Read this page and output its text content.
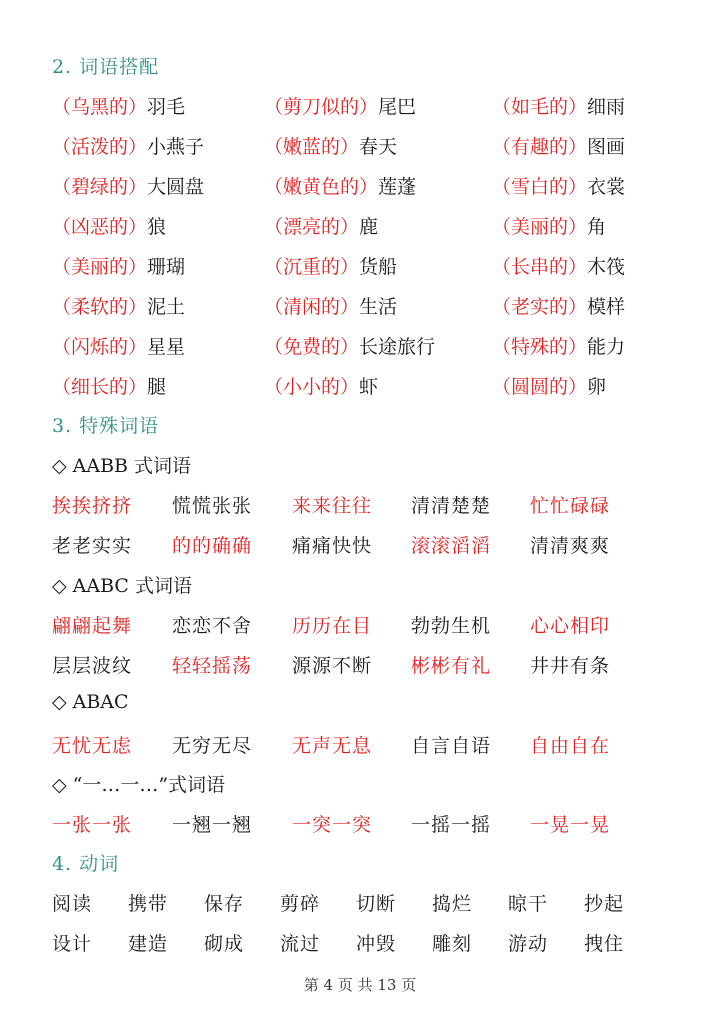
2. 词语搭配
（乌黑的）羽毛	（剪刀似的）尾巴	（如毛的）细雨
（活泼的）小燕子	（嫩蓝的）春天	（有趣的）图画
（碧绿的）大圆盘	（嫩黄色的）莲蓬	（雪白的）衣裳
（凶恶的）狼	（漂亮的）鹿	（美丽的）角
（美丽的）珊瑚	（沉重的）货船	（长串的）木筏
（柔软的）泥土	（清闲的）生活	（老实的）模样
（闪烁的）星星	（免费的）长途旅行	（特殊的）能力
（细长的）腿	（小小的）虾	（圆圆的）卵
3. 特殊词语
◇ AABB 式词语
挨挨挤挤 慌慌张张 来来往往 清清楚楚 忙忙碌碌
老老实实 的的确确 痛痛快快 滚滚滔滔 清清爽爽
◇ AABC 式词语
翩翩起舞 恋恋不舍 历历在目 勃勃生机 心心相印
层层波纹 轻轻摇荡 源源不断 彬彬有礼 井井有条
◇ ABAC
无忧无虑 无穷无尽 无声无息 自言自语 自由自在
◇ “一…一…”式词语
一张一张 一翘一翘 一突一突 一摇一摇 一晃一晃
4. 动词
阅读 携带 保存 剪碎 切断 捣烂 晾干 抄起
设计 建造 砌成 流过 冲毁 雕刻 游动 拽住
第 4 页 共 13 页
